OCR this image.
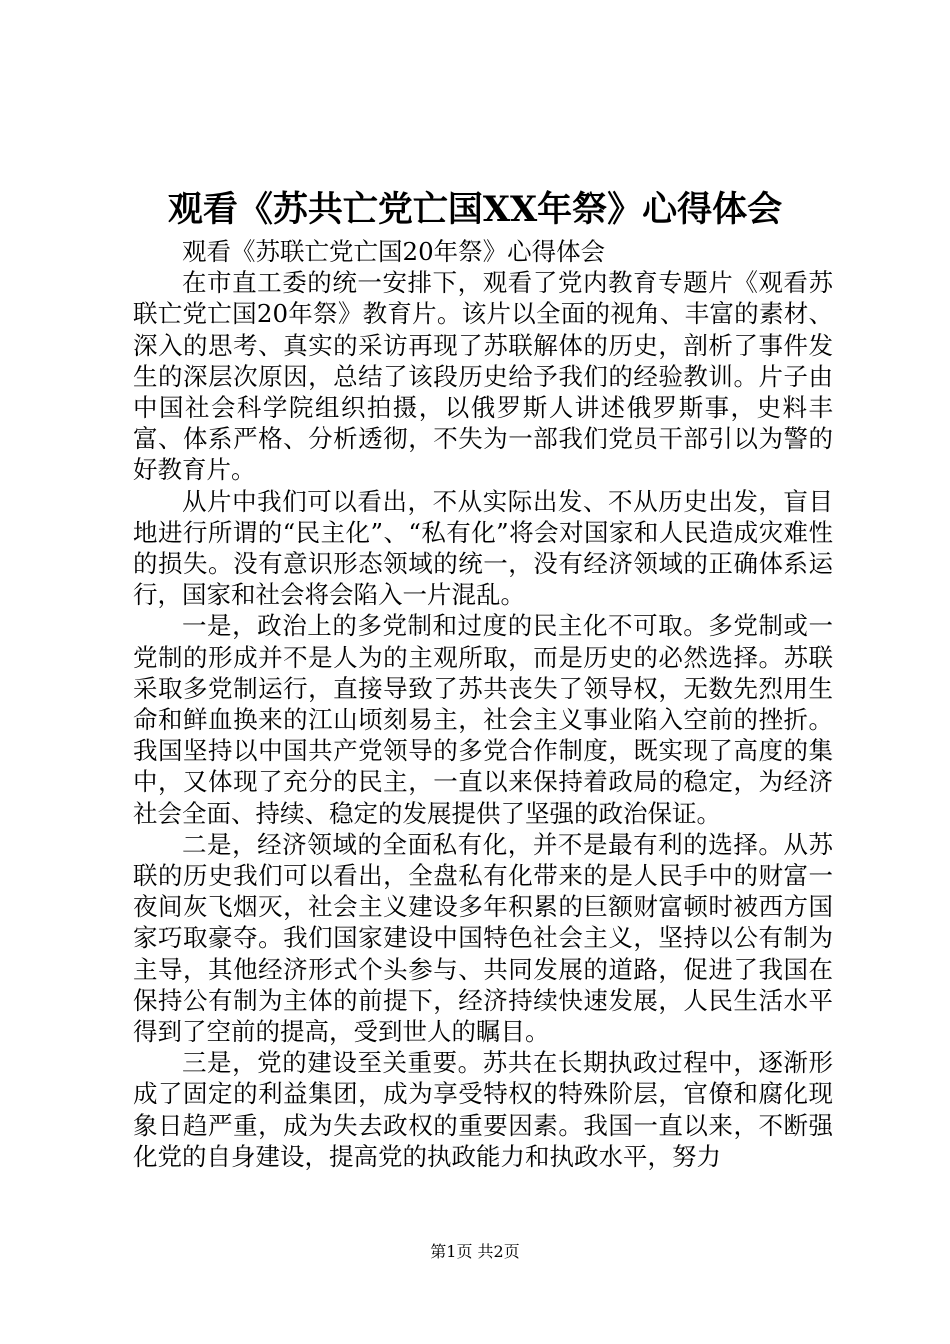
观看《苏共亡党亡国XX年祭》心得体会

观看《苏联亡党亡国20年祭》心得体会

在市直工委的统一安排下，观看了党内教育专题片《观看苏联亡党亡国20年祭》教育片。该片以全面的视角、丰富的素材、深入的思考、真实的采访再现了苏联解体的历史，剖析了事件发生的深层次原因，总结了该段历史给予我们的经验教训。片子由中国社会科学院组织拍摄，以俄罗斯人讲述俄罗斯事，史料丰富、体系严格、分析透彻，不失为一部我们党员干部引以为警的好教育片。

从片中我们可以看出，不从实际出发、不从历史出发，盲目地进行所谓的“民主化”、“私有化”将会对国家和人民造成灾难性的损失。没有意识形态领域的统一，没有经济领域的正确体系运行，国家和社会将会陷入一片混乱。

一是，政治上的多党制和过度的民主化不可取。多党制或一党制的形成并不是人为的主观所取，而是历史的必然选择。苏联采取多党制运行，直接导致了苏共丧失了领导权，无数先烈用生命和鲜血换来的江山顷刻易主，社会主义事业陷入空前的挫折。我国坚持以中国共产党领导的多党合作制度，既实现了高度的集中，又体现了充分的民主，一直以来保持着政局的稳定，为经济社会全面、持续、稳定的发展提供了坚强的政治保证。

二是，经济领域的全面私有化，并不是最有利的选择。从苏联的历史我们可以看出，全盘私有化带来的是人民手中的财富一夜间灰飞烟灭，社会主义建设多年积累的巨额财富顿时被西方国家巧取豪夺。我们国家建设中国特色社会主义，坚持以公有制为主导，其他经济形式个头参与、共同发展的道路，促进了我国在保持公有制为主体的前提下，经济持续快速发展，人民生活水平得到了空前的提高，受到世人的瞩目。

三是，党的建设至关重要。苏共在长期执政过程中，逐渐形成了固定的利益集团，成为享受特权的特殊阶层，官僚和腐化现象日趋严重，成为失去政权的重要因素。我国一直以来，不断强化党的自身建设，提高党的执政能力和执政水平，努力

第1页 共2页
